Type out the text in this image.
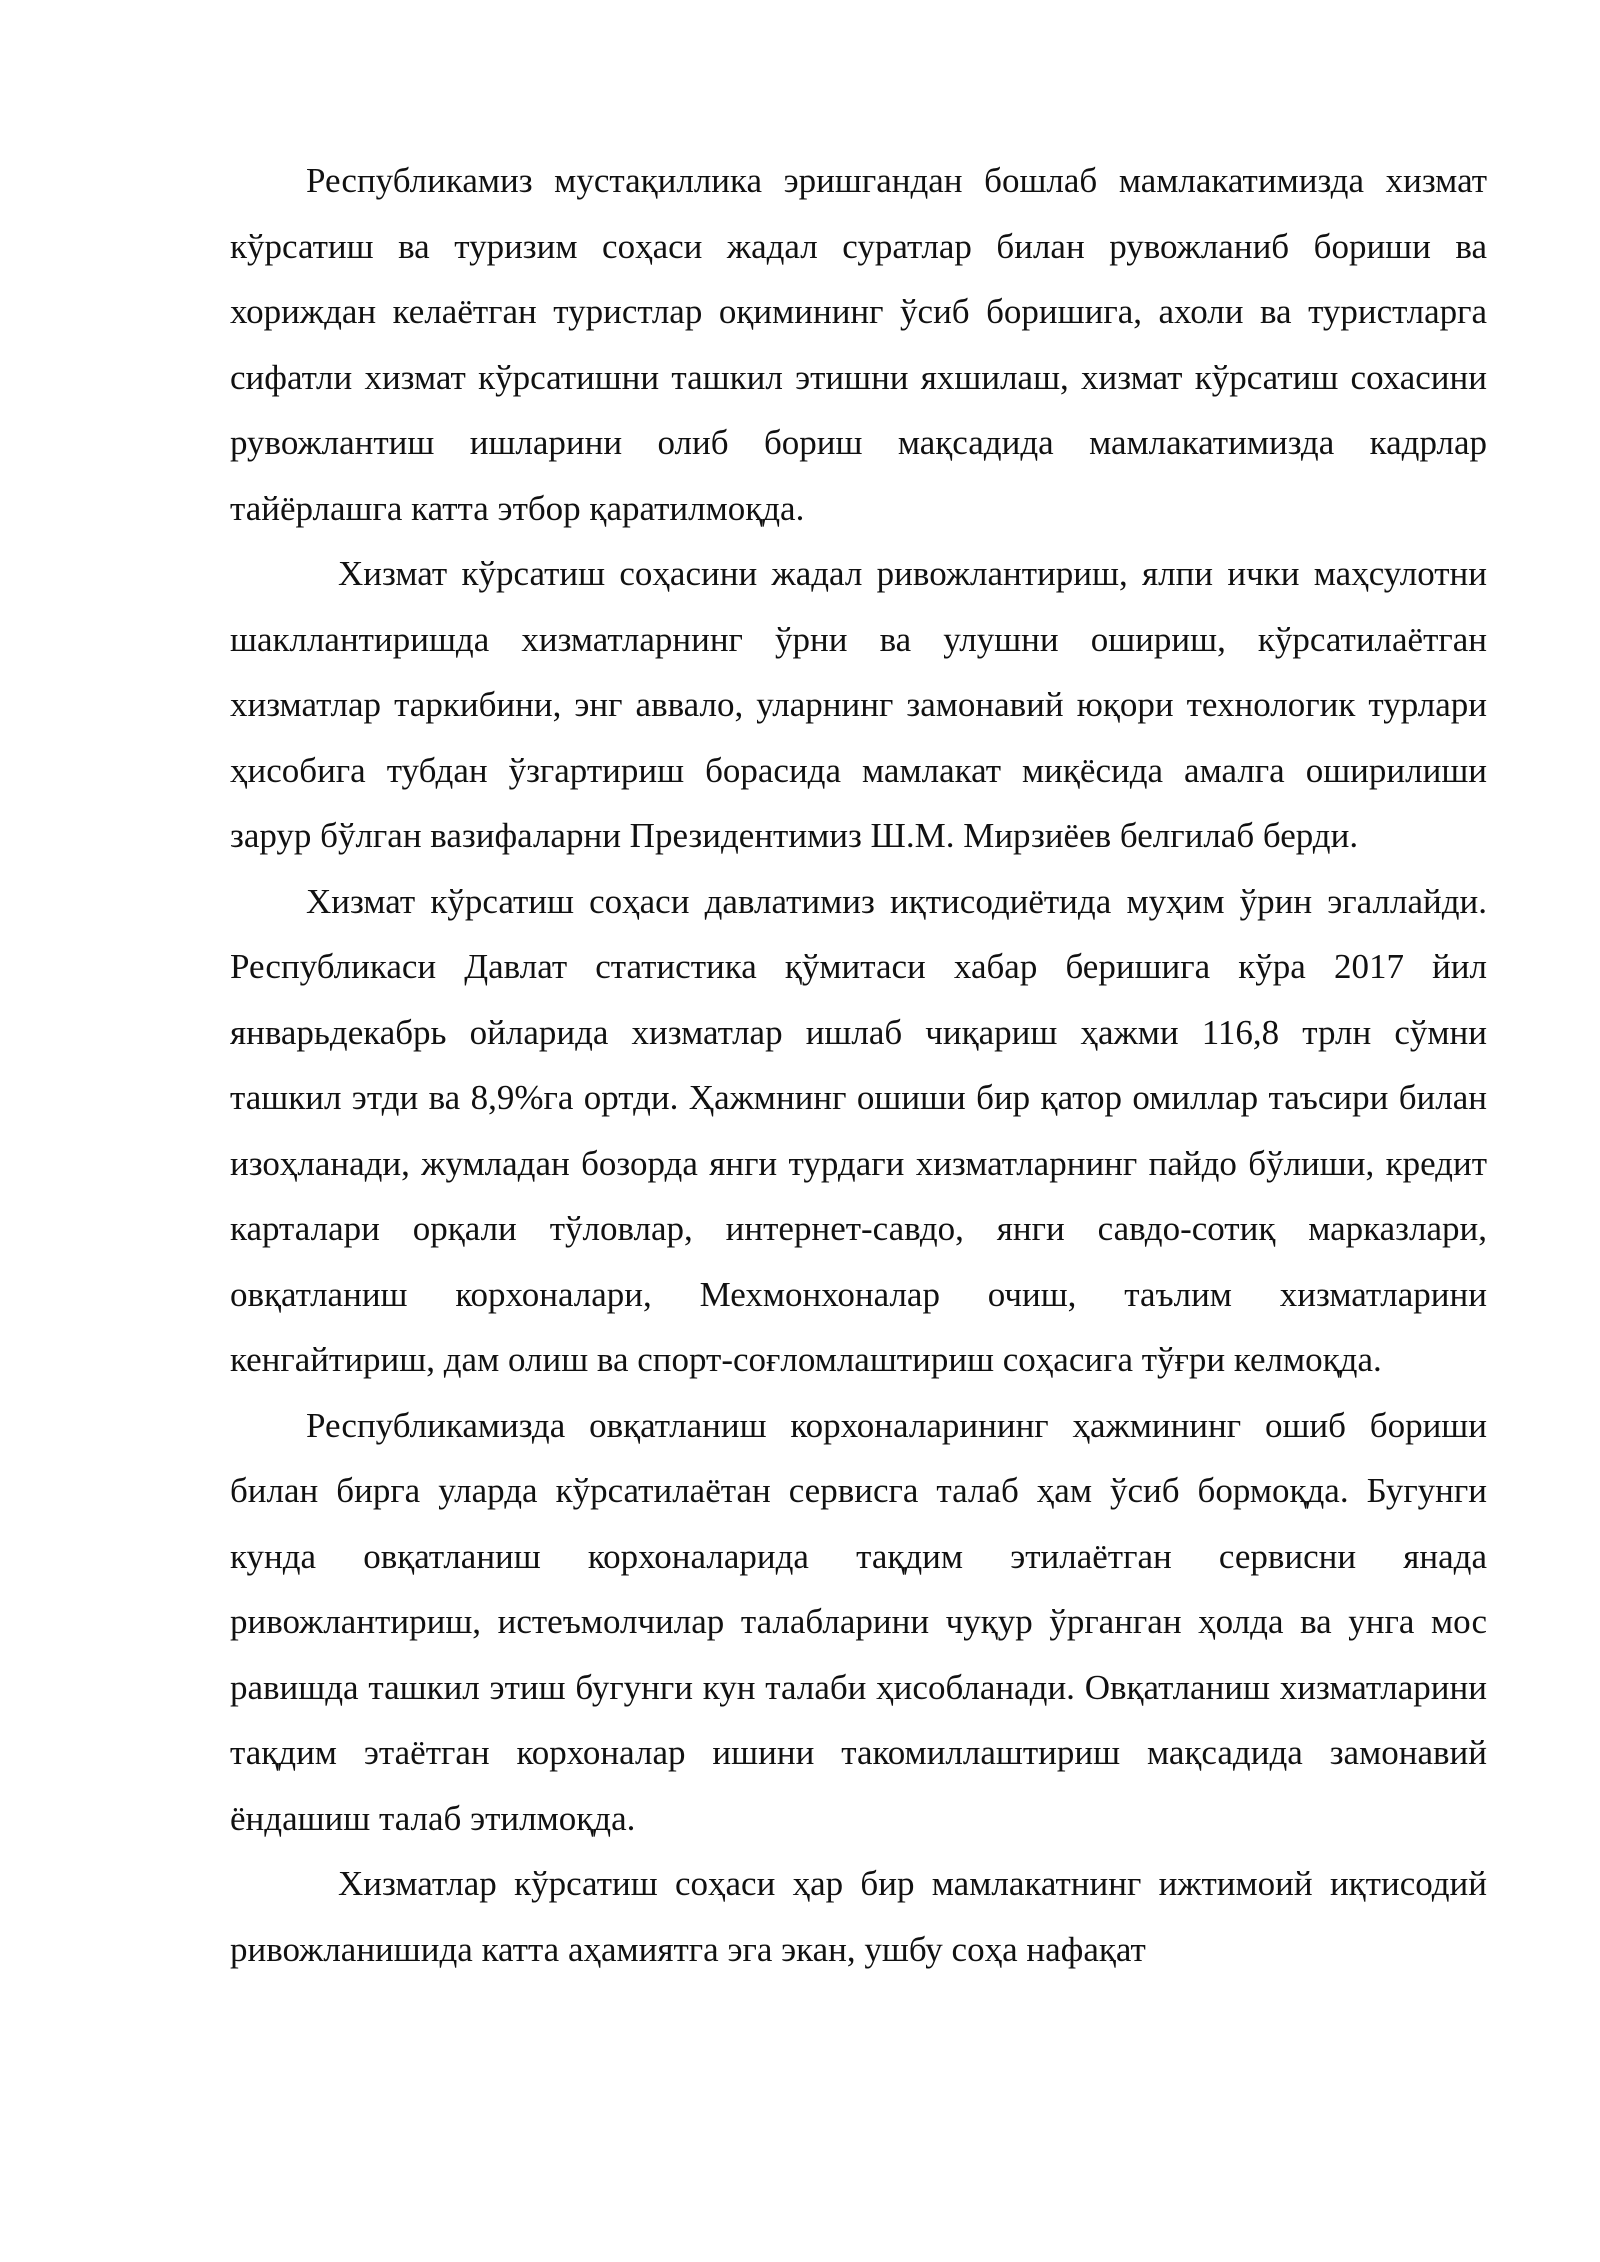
Республикамиз мустақиллика эришгандан бошлаб мамлакатимизда хизмат кўрсатиш ва туризим соҳаси жадал суратлар билан рувожланиб бориши ва хориждан келаётган туристлар оқимининг ўсиб боришига, ахоли ва туристларга сифатли хизмат кўрсатишни ташкил этишни яхшилаш, хизмат кўрсатиш сохасини рувожлантиш ишларини олиб бориш мақсадида мамлакатимизда кадрлар тайёрлашга катта этбор қаратилмоқда.

Хизмат кўрсатиш соҳасини жадал ривожлантириш, ялпи ички маҳсулотни шакллантиришда хизматларнинг ўрни ва улушни ошириш, кўрсатилаётган хизматлар таркибини, энг аввало, уларнинг замонавий юқори технологик турлари ҳисобига тубдан ўзгартириш борасида мамлакат миқёсида амалга оширилиши зарур бўлган вазифаларни Президентимиз Ш.М. Мирзиёев белгилаб берди.

Хизмат кўрсатиш соҳаси давлатимиз иқтисодиётида муҳим ўрин эгаллайди. Республикаси Давлат статистика қўмитаси хабар беришига кўра 2017 йил январьдекабрь ойларида хизматлар ишлаб чиқариш ҳажми 116,8 трлн сўмни ташкил этди ва 8,9%га ортди. Ҳажмнинг ошиши бир қатор омиллар таъсири билан изоҳланади, жумладан бозорда янги турдаги хизматларнинг пайдо бўлиши, кредит карталари орқали тўловлар, интернет-савдо, янги савдо-сотиқ марказлари, овқатланиш корхоналари, Мехмонхоналар очиш, таълим хизматларини кенгайтириш, дам олиш ва спорт-соғломлаштириш соҳасига тўғри келмоқда.

Республикамизда овқатланиш корхоналарининг ҳажмининг ошиб бориши билан бирга уларда кўрсатилаётан сервисга талаб ҳам ўсиб бормоқда. Бугунги кунда овқатланиш корхоналарида тақдим этилаётган сервисни янада ривожлантириш, истеъмолчилар талабларини чуқур ўрганган ҳолда ва унга мос равишда ташкил этиш бугунги кун талаби ҳисобланади. Овқатланиш хизматларини тақдим этаётган корхоналар ишини такомиллаштириш мақсадида замонавий ёндашиш талаб этилмоқда.

Хизматлар кўрсатиш соҳаси ҳар бир мамлакатнинг ижтимоий иқтисодий ривожланишида катта аҳамиятга эга экан, ушбу соҳа нафақат
